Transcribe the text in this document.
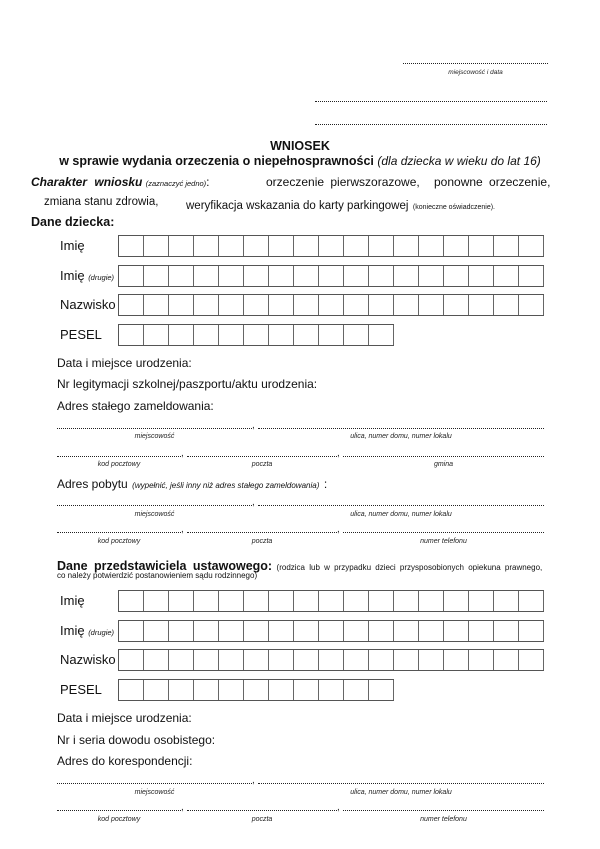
miejscowość i data
WNIOSEK
w sprawie wydania orzeczenia o niepełnosprawności (dla dziecka w wieku do lat 16)
Charakter wniosku (zaznaczyć jedno):	orzeczenie pierwszorazowe, ponowne orzeczenie,
zmiana stanu zdrowia, weryfikacja wskazania do karty parkingowej (konieczne oświadczenie).
Dane dziecka:
Imię
Imię (drugie)
Nazwisko
PESEL
Data i miejsce urodzenia:
Nr legitymacji szkolnej/paszportu/aktu urodzenia:
Adres stałego zameldowania:
,
miejscowość	ulica, numer domu, numer lokalu
,	,
kod pocztowy	poczta	gmina
Adres pobytu (wypełnić, jeśli inny niż adres stałego zameldowania) :
,
miejscowość	ulica, numer domu, numer lokalu
,	,
kod pocztowy	poczta	numer telefonu
Dane przedstawiciela ustawowego: (rodzica lub w przypadku dzieci przysposobionych opiekuna prawnego,
co należy potwierdzić postanowieniem sądu rodzinnego)
Imię
Imię (drugie)
Nazwisko
PESEL
Data i miejsce urodzenia:
Nr i seria dowodu osobistego:
Adres do korespondencji:
,
miejscowość	ulica, numer domu, numer lokalu
,	,
kod pocztowy	poczta	numer telefonu
